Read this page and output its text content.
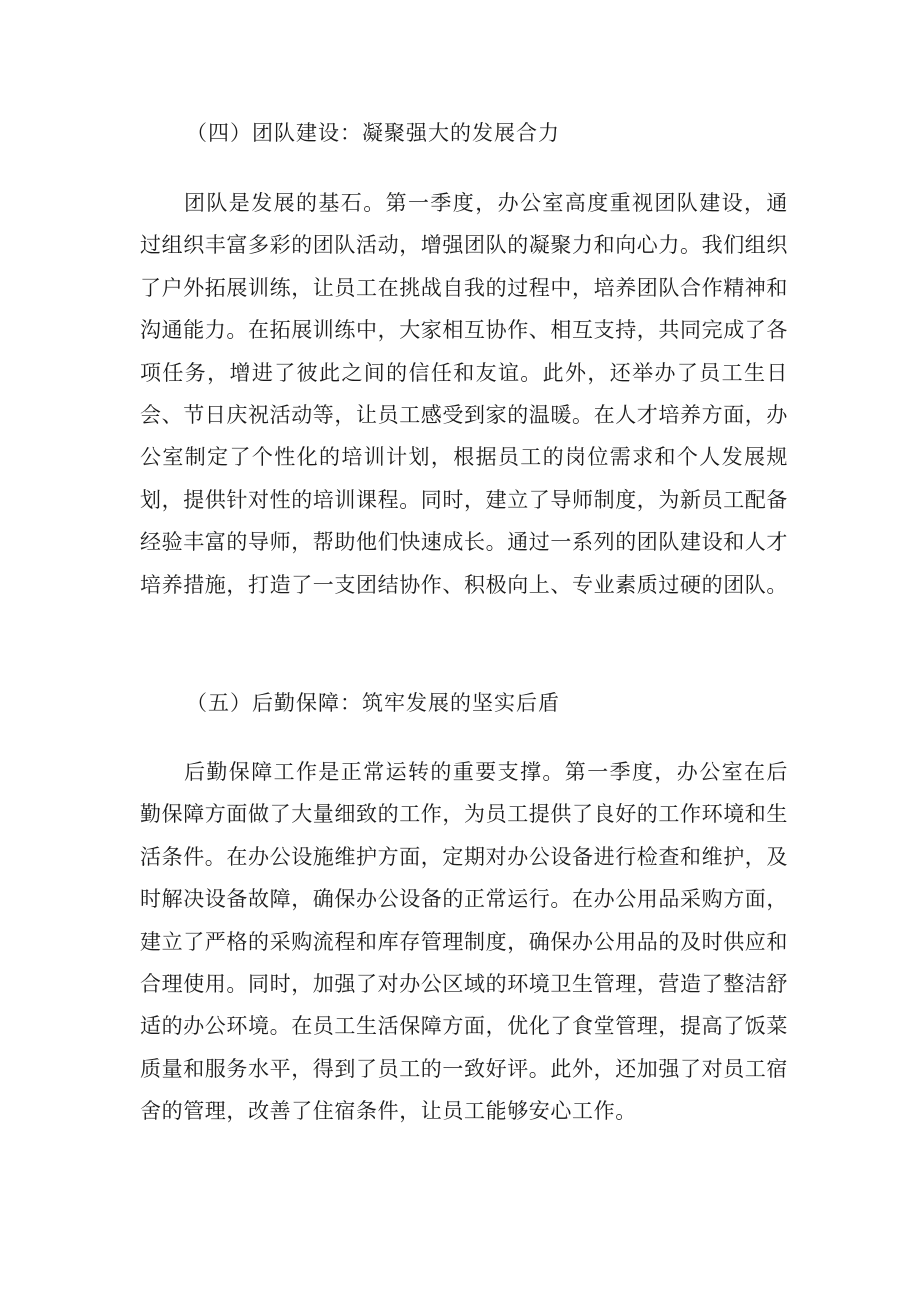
（四）团队建设：凝聚强大的发展合力

团队是发展的基石。第一季度，办公室高度重视团队建设，通过组织丰富多彩的团队活动，增强团队的凝聚力和向心力。我们组织了户外拓展训练，让员工在挑战自我的过程中，培养团队合作精神和沟通能力。在拓展训练中，大家相互协作、相互支持，共同完成了各项任务，增进了彼此之间的信任和友谊。此外，还举办了员工生日会、节日庆祝活动等，让员工感受到家的温暖。在人才培养方面，办公室制定了个性化的培训计划，根据员工的岗位需求和个人发展规划，提供针对性的培训课程。同时，建立了导师制度，为新员工配备经验丰富的导师，帮助他们快速成长。通过一系列的团队建设和人才培养措施，打造了一支团结协作、积极向上、专业素质过硬的团队。

（五）后勤保障：筑牢发展的坚实后盾

后勤保障工作是正常运转的重要支撑。第一季度，办公室在后勤保障方面做了大量细致的工作，为员工提供了良好的工作环境和生活条件。在办公设施维护方面，定期对办公设备进行检查和维护，及时解决设备故障，确保办公设备的正常运行。在办公用品采购方面，建立了严格的采购流程和库存管理制度，确保办公用品的及时供应和合理使用。同时，加强了对办公区域的环境卫生管理，营造了整洁舒适的办公环境。在员工生活保障方面，优化了食堂管理，提高了饭菜质量和服务水平，得到了员工的一致好评。此外，还加强了对员工宿舍的管理，改善了住宿条件，让员工能够安心工作。
